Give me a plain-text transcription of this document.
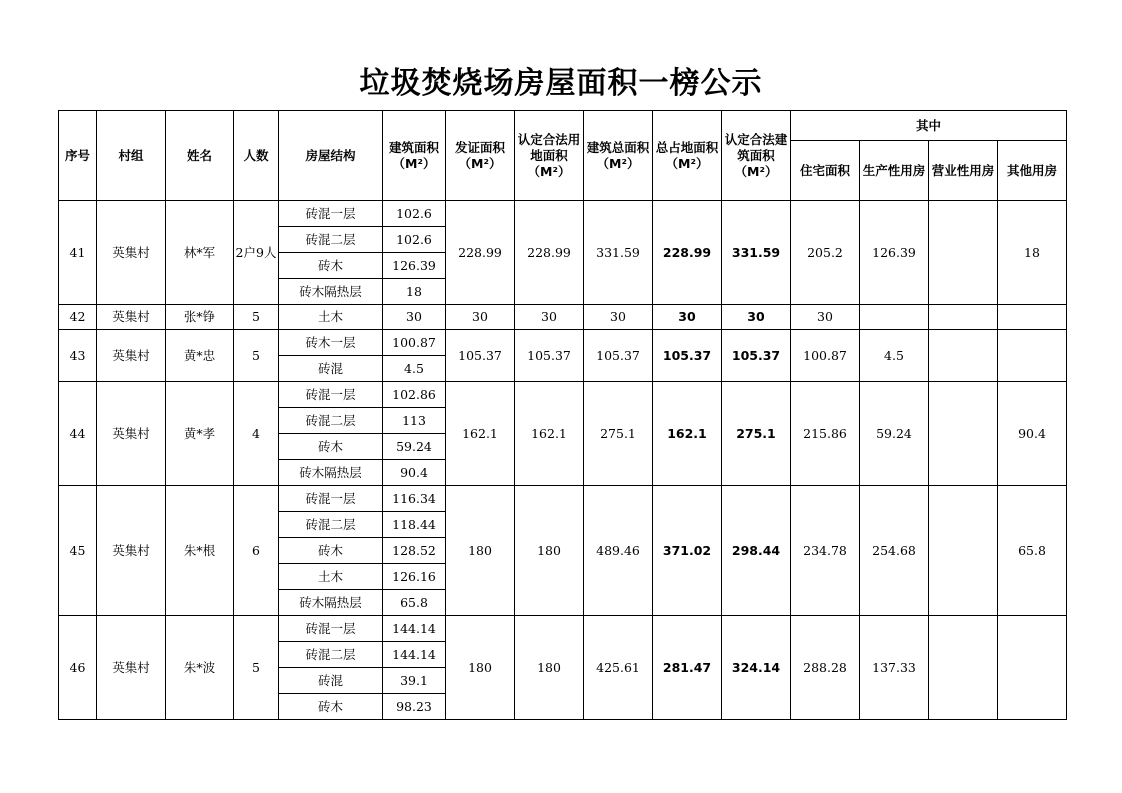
垃圾焚烧场房屋面积一榜公示
序号	村组	姓名	人数	房屋结构	建筑面积（M²）	发证面积（M²）	认定合法用地面积（M²）	建筑总面积 （M²）	总占地面积（M²）	认定合法建筑面积（M²）	其中			
											住宅面积	生产性用房	营业性用房	其他用房
41	英集村	林*军	2户9人	砖混一层	102.6	228.99	228.99	331.59	228.99	331.59	205.2	126.39		18
				砖混二层	102.6									
				砖木	126.39									
				砖木隔热层	18									
42	英集村	张*铮	5	土木	30	30	30	30	30	30	30			
43	英集村	黄*忠	5	砖木一层	100.87	105.37	105.37	105.37	105.37	105.37	100.87	4.5		
				砖混	4.5									
44	英集村	黄*孝	4	砖混一层	102.86	162.1	162.1	275.1	162.1	275.1	215.86	59.24		90.4
				砖混二层	113									
				砖木	59.24									
				砖木隔热层	90.4									
45	英集村	朱*根	6	砖混一层	116.34	180	180	489.46	371.02	298.44	234.78	254.68		65.8
				砖混二层	118.44									
				砖木	128.52									
				土木	126.16									
				砖木隔热层	65.8									
46	英集村	朱*波	5	砖混一层	144.14	180	180	425.61	281.47	324.14	288.28	137.33		
				砖混二层	144.14									
				砖混	39.1									
				砖木	98.23									
